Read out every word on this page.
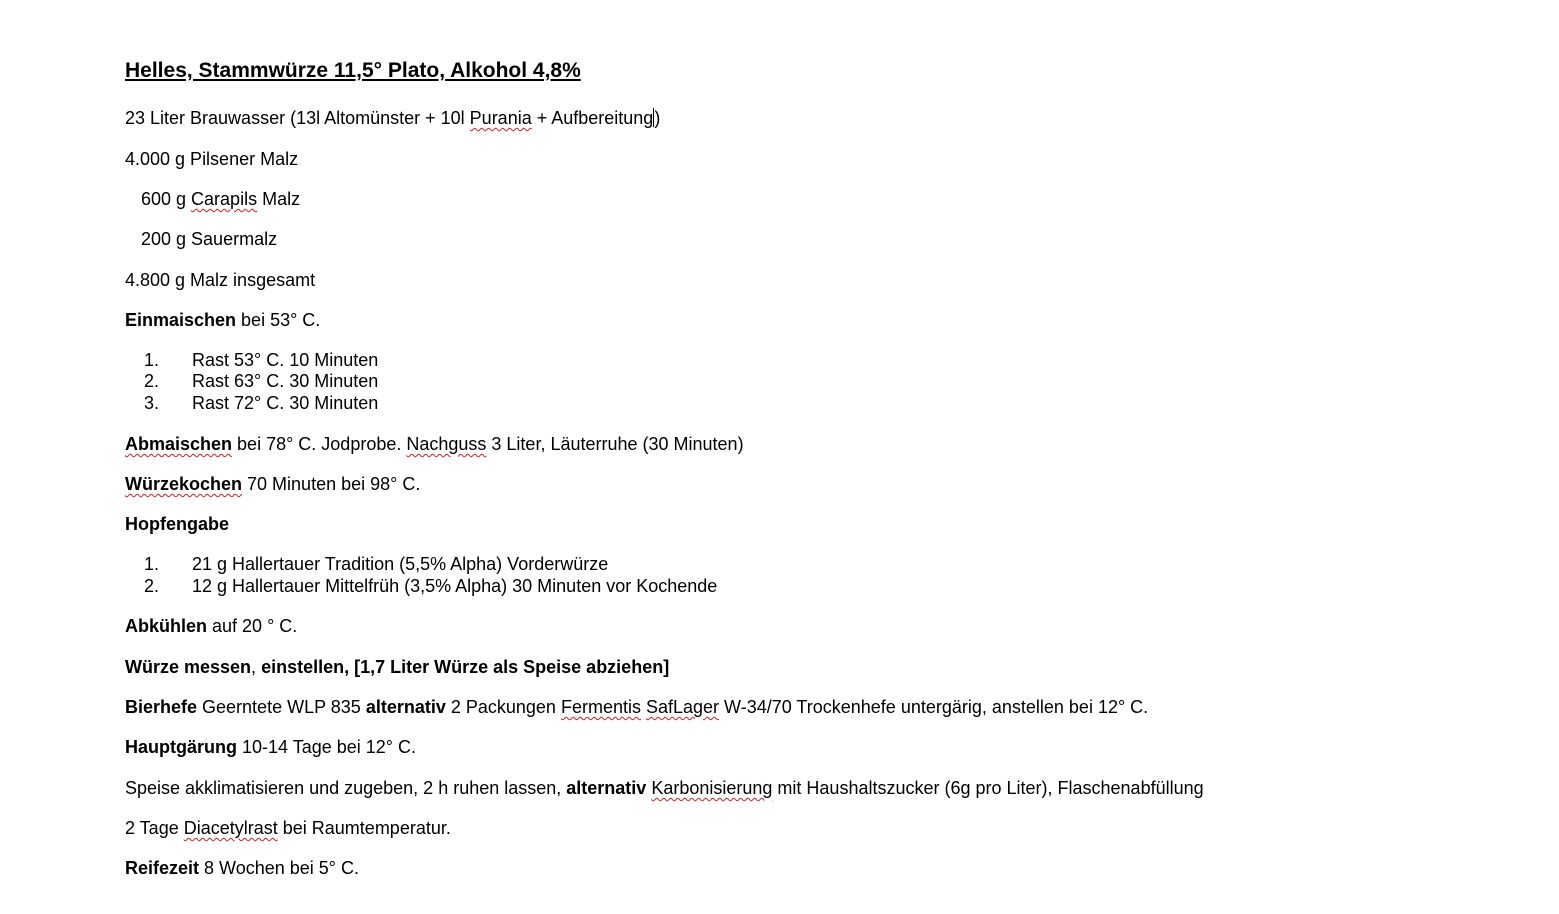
Helles, Stammwürze 11,5° Plato, Alkohol 4,8%
23 Liter Brauwasser (13l Altomünster + 10l Purania + Aufbereitung)
4.000 g Pilsener Malz
600 g Carapils Malz
200 g Sauermalz
4.800 g Malz insgesamt
Einmaischen bei 53° C.
1. Rast 53° C. 10 Minuten
2. Rast 63° C. 30 Minuten
3. Rast 72° C. 30 Minuten
Abmaischen bei 78° C. Jodprobe. Nachguss 3 Liter, Läuterruhe (30 Minuten)
Würzekochen 70 Minuten bei 98° C.
Hopfengabe
1. 21 g Hallertauer Tradition (5,5% Alpha) Vorderwürze
2. 12 g Hallertauer Mittelfrüh (3,5% Alpha) 30 Minuten vor Kochende
Abkühlen auf 20 ° C.
Würze messen, einstellen, [1,7 Liter Würze als Speise abziehen]
Bierhefe Geerntete WLP 835 alternativ 2 Packungen Fermentis SafLager W-34/70 Trockenhefe untergärig, anstellen bei 12° C.
Hauptgärung 10-14 Tage bei 12° C.
Speise akklimatisieren und zugeben, 2 h ruhen lassen, alternativ Karbonisierung mit Haushaltszucker (6g pro Liter), Flaschenabfüllung
2 Tage Diacetylrast bei Raumtemperatur.
Reifezeit 8 Wochen bei 5° C.
